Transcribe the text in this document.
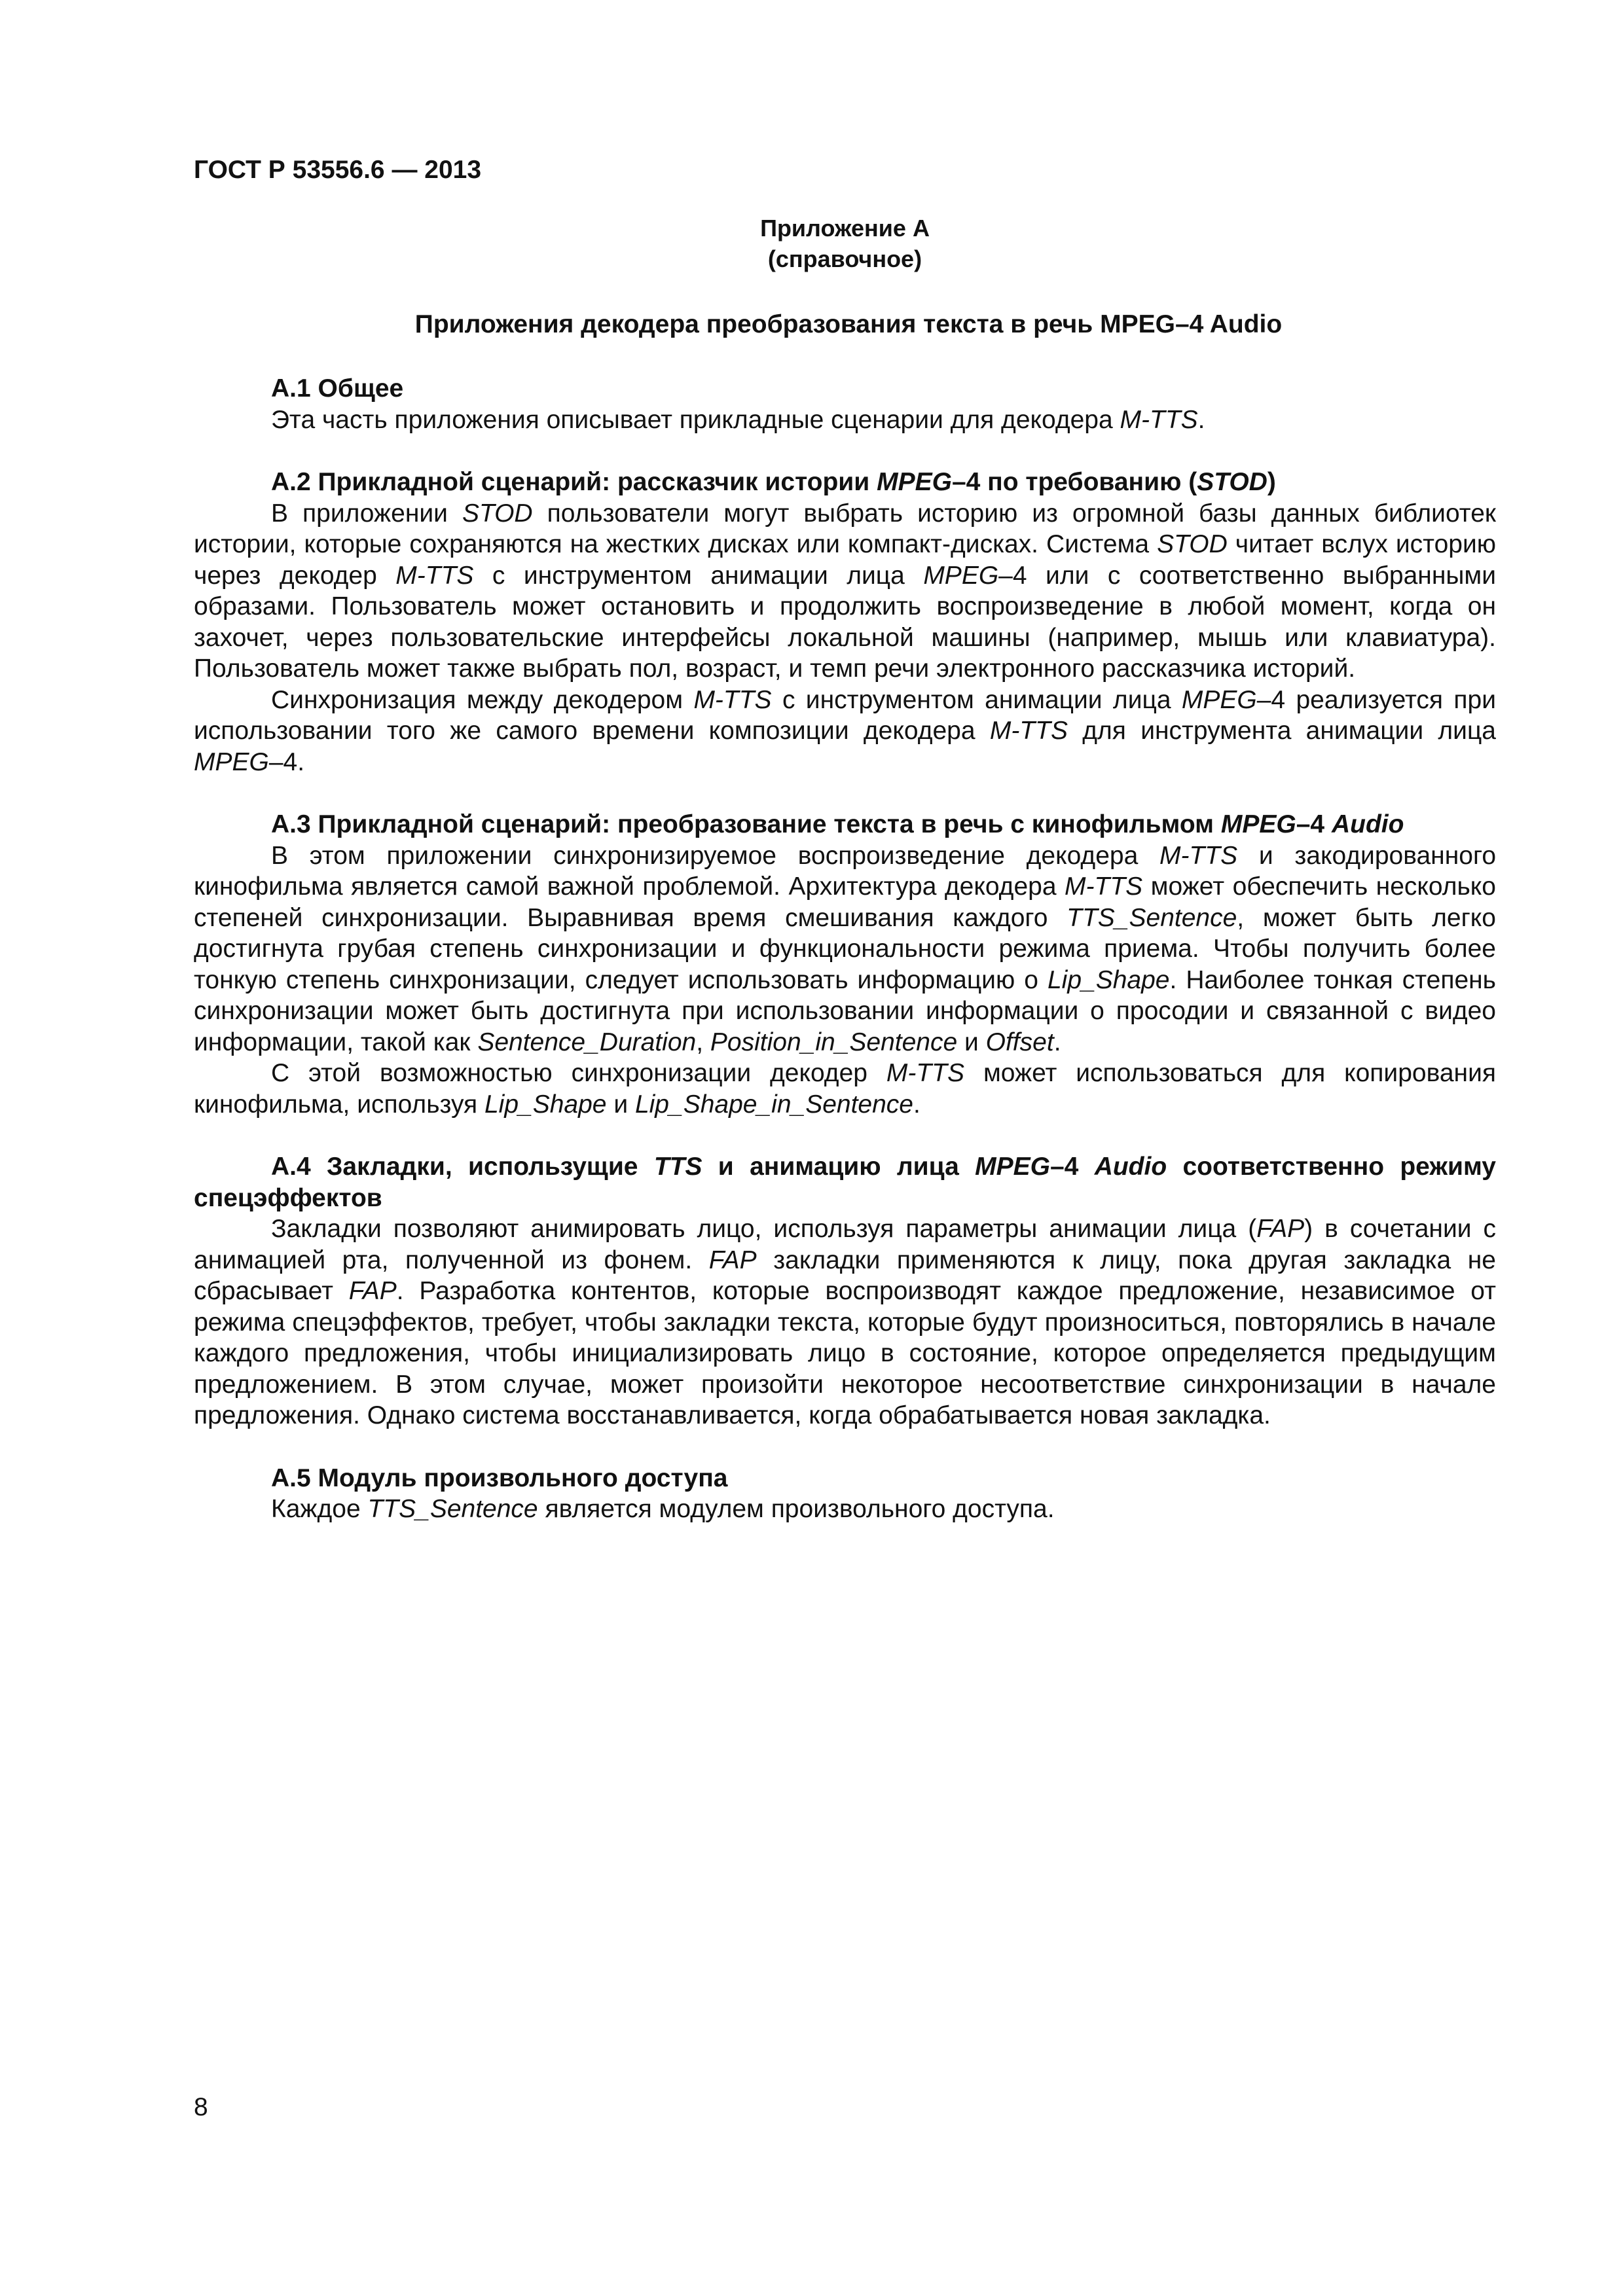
ГОСТ Р 53556.6 — 2013

Приложение А
(справочное)

Приложения декодера преобразования текста в речь MPEG–4 Audio

А.1 Общее

Эта часть приложения описывает прикладные сценарии для декодера M-TTS.

А.2 Прикладной сценарий: рассказчик истории MPEG–4 по требованию (STOD)

В приложении STOD пользователи могут выбрать историю из огромной базы данных библиотек истории, которые сохраняются на жестких дисках или компакт-дисках. Система STOD читает вслух историю через декодер M-TTS с инструментом анимации лица MPEG–4 или с соответственно выбранными образами. Пользователь может остановить и продолжить воспроизведение в любой момент, когда он захочет, через пользовательские интерфейсы локальной машины (например, мышь или клавиатура). Пользователь может также выбрать пол, возраст, и темп речи электронного рассказчика историй.

Синхронизация между декодером M-TTS с инструментом анимации лица MPEG–4 реализуется при использовании того же самого времени композиции декодера M-TTS для инструмента анимации лица MPEG–4.

А.3 Прикладной сценарий: преобразование текста в речь с кинофильмом MPEG–4 Audio

В этом приложении синхронизируемое воспроизведение декодера M-TTS и закодированного кинофильма является самой важной проблемой. Архитектура декодера M-TTS может обеспечить несколько степеней синхронизации. Выравнивая время смешивания каждого TTS_Sentence, может быть легко достигнута грубая степень синхронизации и функциональности режима приема. Чтобы получить более тонкую степень синхронизации, следует использовать информацию о Lip_Shape. Наиболее тонкая степень синхронизации может быть достигнута при использовании информации о просодии и связанной с видео информации, такой как Sentence_Duration, Position_in_Sentence и Offset.

С этой возможностью синхронизации декодер M-TTS может использоваться для копирования кинофильма, используя Lip_Shape и Lip_Shape_in_Sentence.

А.4 Закладки, использущие TTS и анимацию лица MPEG–4 Audio соответственно режиму спецэффектов

Закладки позволяют анимировать лицо, используя параметры анимации лица (FAP) в сочетании с анимацией рта, полученной из фонем. FAP закладки применяются к лицу, пока другая закладка не сбрасывает FAP. Разработка контентов, которые воспроизводят каждое предложение, независимое от режима спецэффектов, требует, чтобы закладки текста, которые будут произноситься, повторялись в начале каждого предложения, чтобы инициализировать лицо в состояние, которое определяется предыдущим предложением. В этом случае, может произойти некоторое несоответствие синхронизации в начале предложения. Однако система восстанавливается, когда обрабатывается новая закладка.

А.5 Модуль произвольного доступа

Каждое TTS_Sentence является модулем произвольного доступа.

8
